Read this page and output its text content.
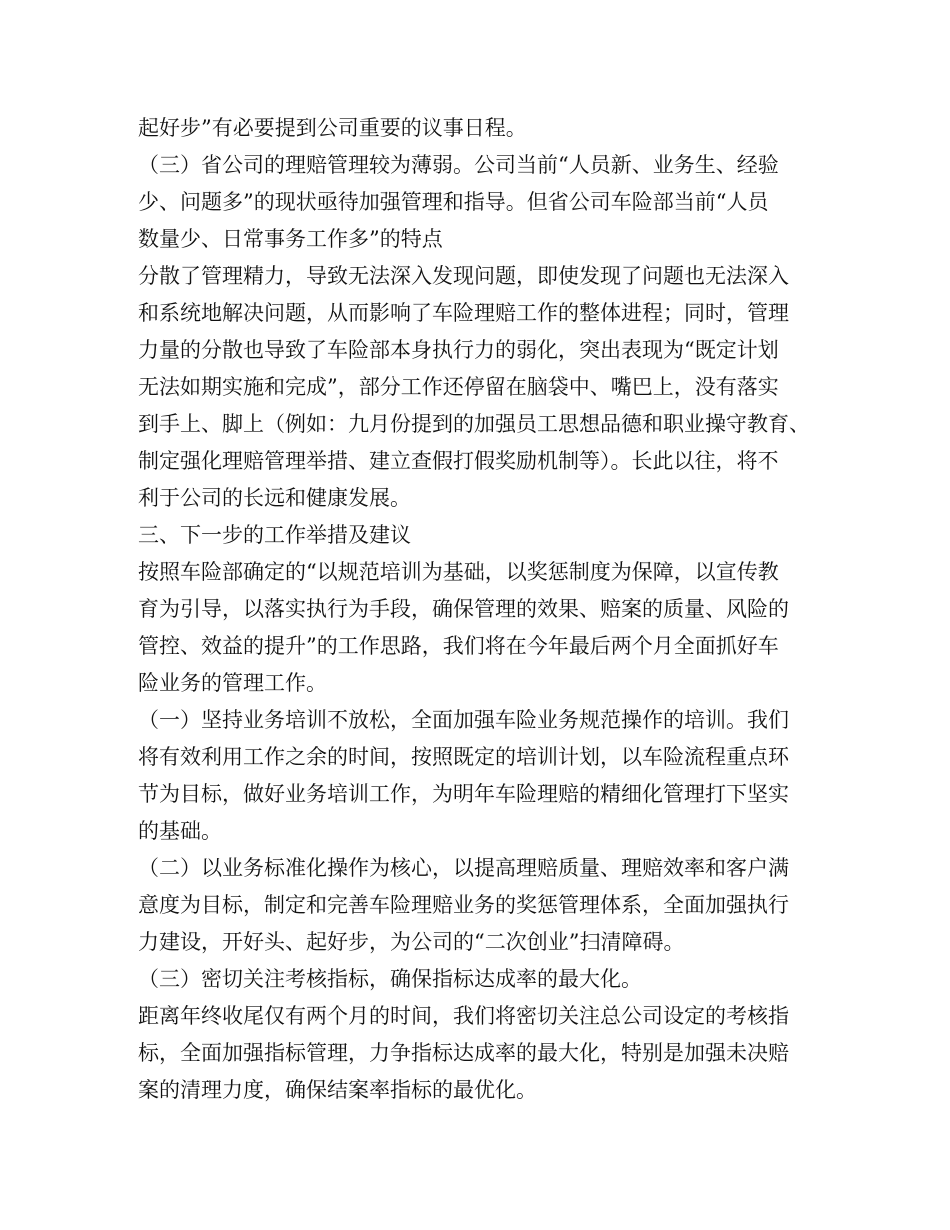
起好步”有必要提到公司重要的议事日程。
（三）省公司的理赔管理较为薄弱。公司当前“人员新、业务生、经验
少、问题多”的现状亟待加强管理和指导。但省公司车险部当前“人员
数量少、日常事务工作多”的特点
分散了管理精力，导致无法深入发现问题，即使发现了问题也无法深入
和系统地解决问题，从而影响了车险理赔工作的整体进程；同时，管理
力量的分散也导致了车险部本身执行力的弱化，突出表现为“既定计划
无法如期实施和完成”，部分工作还停留在脑袋中、嘴巴上，没有落实
到手上、脚上（例如：九月份提到的加强员工思想品德和职业操守教育、
制定强化理赔管理举措、建立查假打假奖励机制等）。长此以往，将不
利于公司的长远和健康发展。
三、下一步的工作举措及建议
按照车险部确定的“以规范培训为基础，以奖惩制度为保障，以宣传教
育为引导，以落实执行为手段，确保管理的效果、赔案的质量、风险的
管控、效益的提升”的工作思路，我们将在今年最后两个月全面抓好车
险业务的管理工作。
（一）坚持业务培训不放松，全面加强车险业务规范操作的培训。我们
将有效利用工作之余的时间，按照既定的培训计划，以车险流程重点环
节为目标，做好业务培训工作，为明年车险理赔的精细化管理打下坚实
的基础。
（二）以业务标准化操作为核心，以提高理赔质量、理赔效率和客户满
意度为目标，制定和完善车险理赔业务的奖惩管理体系，全面加强执行
力建设，开好头、起好步，为公司的“二次创业”扫清障碍。
（三）密切关注考核指标，确保指标达成率的最大化。
距离年终收尾仅有两个月的时间，我们将密切关注总公司设定的考核指
标，全面加强指标管理，力争指标达成率的最大化，特别是加强未决赔
案的清理力度，确保结案率指标的最优化。
